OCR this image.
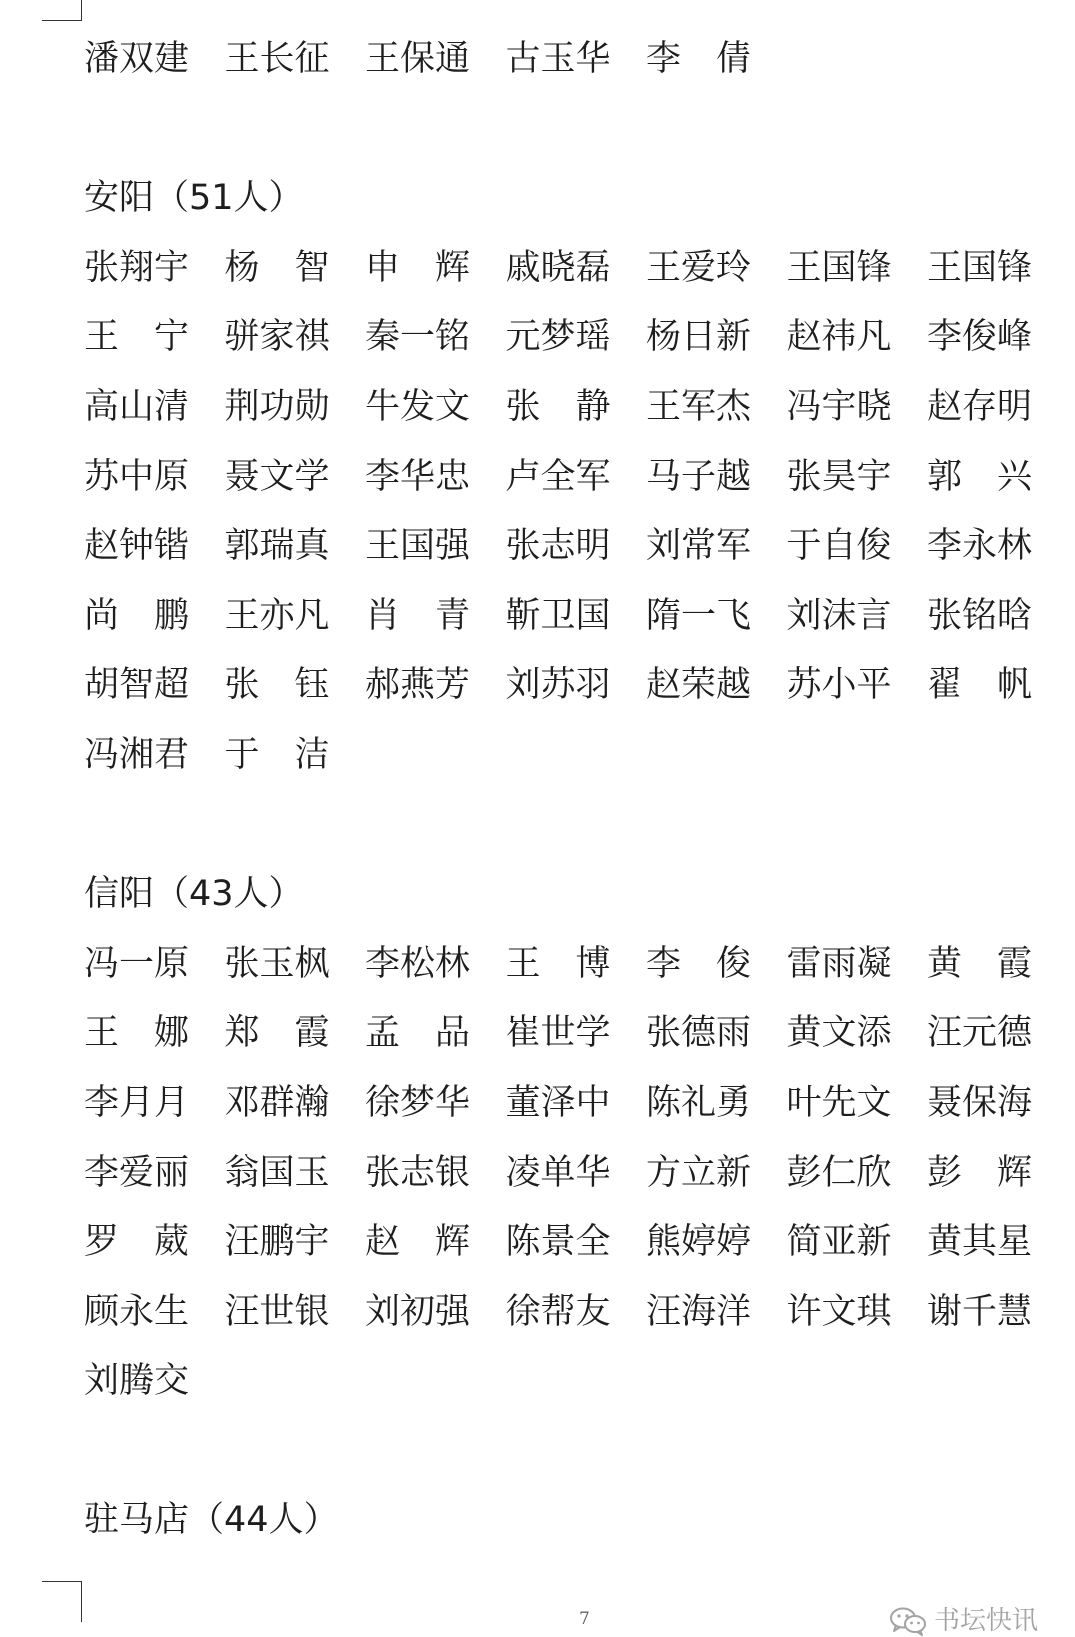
潘双建	王长征	王保通	古玉华	李　倩
安阳（51人）
张翔宇	杨　智	申　辉	戚晓磊	王爱玲	王国锋	王国锋
王　宁	骈家祺	秦一铭	元梦瑶	杨日新	赵祎凡	李俊峰
高山清	荆功勋	牛发文	张　静	王军杰	冯宇晓	赵存明
苏中原	聂文学	李华忠	卢全军	马子越	张昊宇	郭　兴
赵钟锴	郭瑞真	王国强	张志明	刘常军	于自俊	李永林
尚　鹏	王亦凡	肖　青	靳卫国	隋一飞	刘沫言	张铭晗
胡智超	张　钰	郝燕芳	刘苏羽	赵荣越	苏小平	翟　帆
冯湘君	于　洁
信阳（43人）
冯一原	张玉枫	李松林	王　博	李　俊	雷雨凝	黄　霞
王　娜	郑　霞	孟　品	崔世学	张德雨	黄文添	汪元德
李月月	邓群瀚	徐梦华	董泽中	陈礼勇	叶先文	聂保海
李爱丽	翁国玉	张志银	凌单华	方立新	彭仁欣	彭　辉
罗　葳	汪鹏宇	赵　辉	陈景全	熊婷婷	简亚新	黄其星
顾永生	汪世银	刘初强	徐帮友	汪海洋	许文琪	谢千慧
刘腾交
驻马店（44人）
7	书坛快讯
